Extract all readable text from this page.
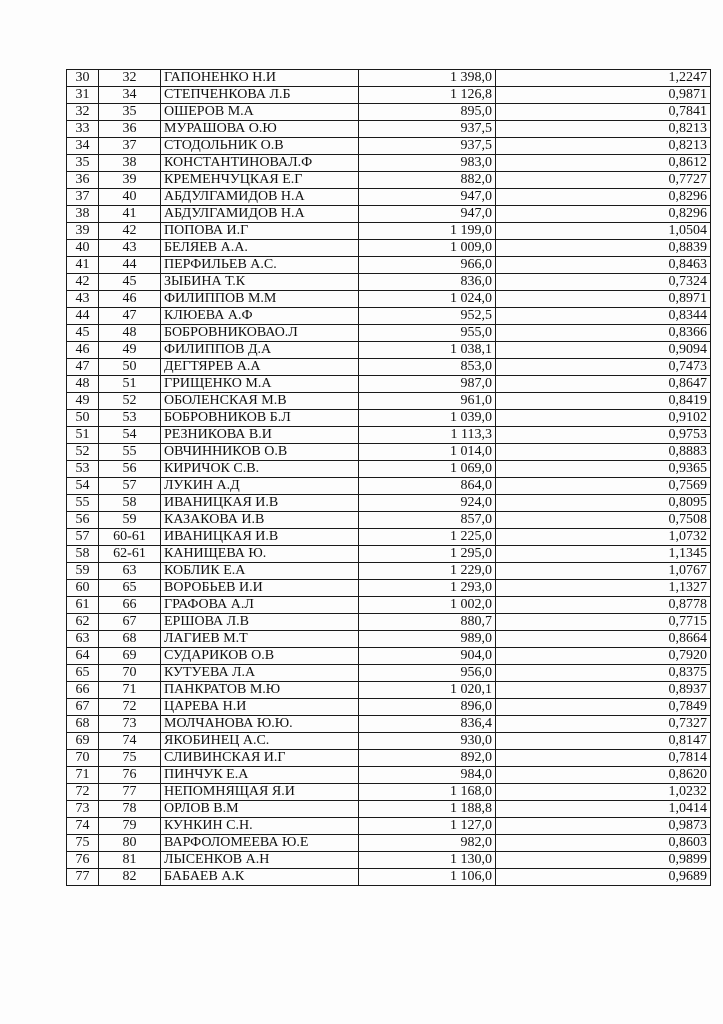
30	32	ГАПОНЕНКО Н.И	1 398,0	1,2247
31	34	СТЕПЧЕНКОВА Л.Б	1 126,8	0,9871
32	35	ОШЕРОВ М.А	895,0	0,7841
33	36	МУРАШОВА О.Ю	937,5	0,8213
34	37	СТОДОЛЬНИК О.В	937,5	0,8213
35	38	КОНСТАНТИНОВАЛ.Ф	983,0	0,8612
36	39	КРЕМЕНЧУЦКАЯ Е.Г	882,0	0,7727
37	40	АБДУЛГАМИДОВ Н.А	947,0	0,8296
38	41	АБДУЛГАМИДОВ Н.А	947,0	0,8296
39	42	ПОПОВА И.Г	1 199,0	1,0504
40	43	БЕЛЯЕВ А.А.	1 009,0	0,8839
41	44	ПЕРФИЛЬЕВ А.С.	966,0	0,8463
42	45	ЗЫБИНА Т.К	836,0	0,7324
43	46	ФИЛИППОВ М.М	1 024,0	0,8971
44	47	КЛЮЕВА А.Ф	952,5	0,8344
45	48	БОБРОВНИКОВАО.Л	955,0	0,8366
46	49	ФИЛИППОВ Д.А	1 038,1	0,9094
47	50	ДЕГТЯРЕВ А.А	853,0	0,7473
48	51	ГРИЩЕНКО М.А	987,0	0,8647
49	52	ОБОЛЕНСКАЯ М.В	961,0	0,8419
50	53	БОБРОВНИКОВ Б.Л	1 039,0	0,9102
51	54	РЕЗНИКОВА В.И	1 113,3	0,9753
52	55	ОВЧИННИКОВ О.В	1 014,0	0,8883
53	56	КИРИЧОК С.В.	1 069,0	0,9365
54	57	ЛУКИН А.Д	864,0	0,7569
55	58	ИВАНИЦКАЯ И.В	924,0	0,8095
56	59	КАЗАКОВА И.В	857,0	0,7508
57	60-61	ИВАНИЦКАЯ И.В	1 225,0	1,0732
58	62-61	КАНИЩЕВА Ю.	1 295,0	1,1345
59	63	КОБЛИК Е.А	1 229,0	1,0767
60	65	ВОРОБЬЕВ И.И	1 293,0	1,1327
61	66	ГРАФОВА А.Л	1 002,0	0,8778
62	67	ЕРШОВА Л.В	880,7	0,7715
63	68	ЛАГИЕВ М.Т	989,0	0,8664
64	69	СУДАРИКОВ О.В	904,0	0,7920
65	70	КУТУЕВА Л.А	956,0	0,8375
66	71	ПАНКРАТОВ М.Ю	1 020,1	0,8937
67	72	ЦАРЕВА Н.И	896,0	0,7849
68	73	МОЛЧАНОВА Ю.Ю.	836,4	0,7327
69	74	ЯКОБИНЕЦ А.С.	930,0	0,8147
70	75	СЛИВИНСКАЯ И.Г	892,0	0,7814
71	76	ПИНЧУК Е.А	984,0	0,8620
72	77	НЕПОМНЯЩАЯ Я.И	1 168,0	1,0232
73	78	ОРЛОВ В.М	1 188,8	1,0414
74	79	КУНКИН С.Н.	1 127,0	0,9873
75	80	ВАРФОЛОМЕЕВА Ю.Е	982,0	0,8603
76	81	ЛЫСЕНКОВ А.Н	1 130,0	0,9899
77	82	БАБАЕВ А.К	1 106,0	0,9689
